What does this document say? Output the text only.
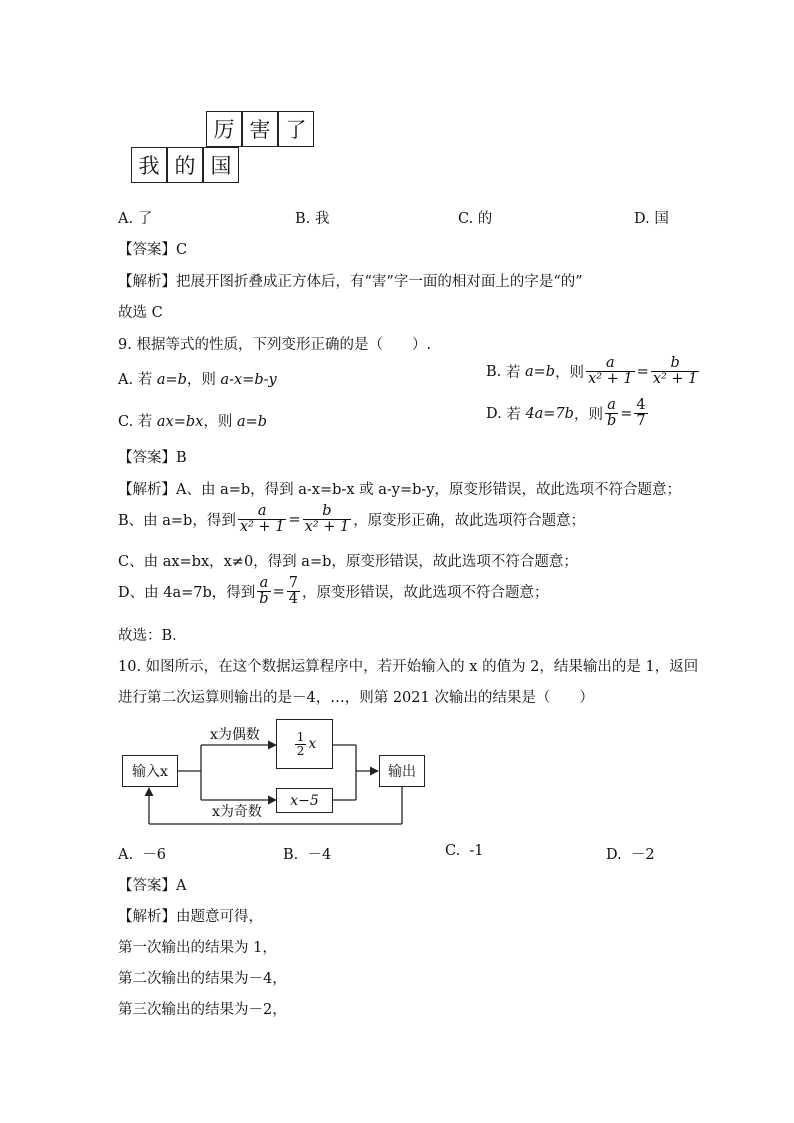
厉 害 了
我 的 国
A. 了	B. 我	C. 的	D. 国
【答案】C
【解析】把展开图折叠成正方体后，有“害”字一面的相对面上的字是“的”
故选 C
9. 根据等式的性质，下列变形正确的是（　　）.
A. 若 a=b，则 a-x=b-y
B.
若
a=b ，则 $\frac{a}{\text{x² + 1}} = \frac{b}{\text{x² + 1}}$
C. 若 ax=bx，则 a=b
D.
若
4a=7b ，则 $\frac{a}{b} = \frac{4}{7}$
【答案】B
【解析】A、由 a=b，得到 a-x=b-x 或 a-y=b-y，原变形错误，故此选项不符合题意；
B、由 a=b，得到 $\frac{a}{\text{x² + 1}} = \frac{b}{\text{x² + 1}}$ ，原变形正确，故此选项符合题意；
C、由 ax=bx，x≠0，得到 a=b，原变形错误，故此选项不符合题意；
D、由 4a=7b，得到 $\frac{a}{b} = \frac{7}{4}$ ，原变形错误，故此选项不符合题意；
故选：B．
10. 如图所示，在这个数据运算程序中，若开始输入的 x 的值为 2，结果输出的是 1，返回
进行第二次运算则输出的是－4，…，则第 2021 次输出的结果是（　　）
输入x
x为偶数
x为奇数
$\frac{1}{2}$ x
x−5
输出
A. －6	B. －4	C. -1	D. －2
【答案】A
【解析】由题意可得，
第一次输出的结果为 1，
第二次输出的结果为－4，
第三次输出的结果为－2，
